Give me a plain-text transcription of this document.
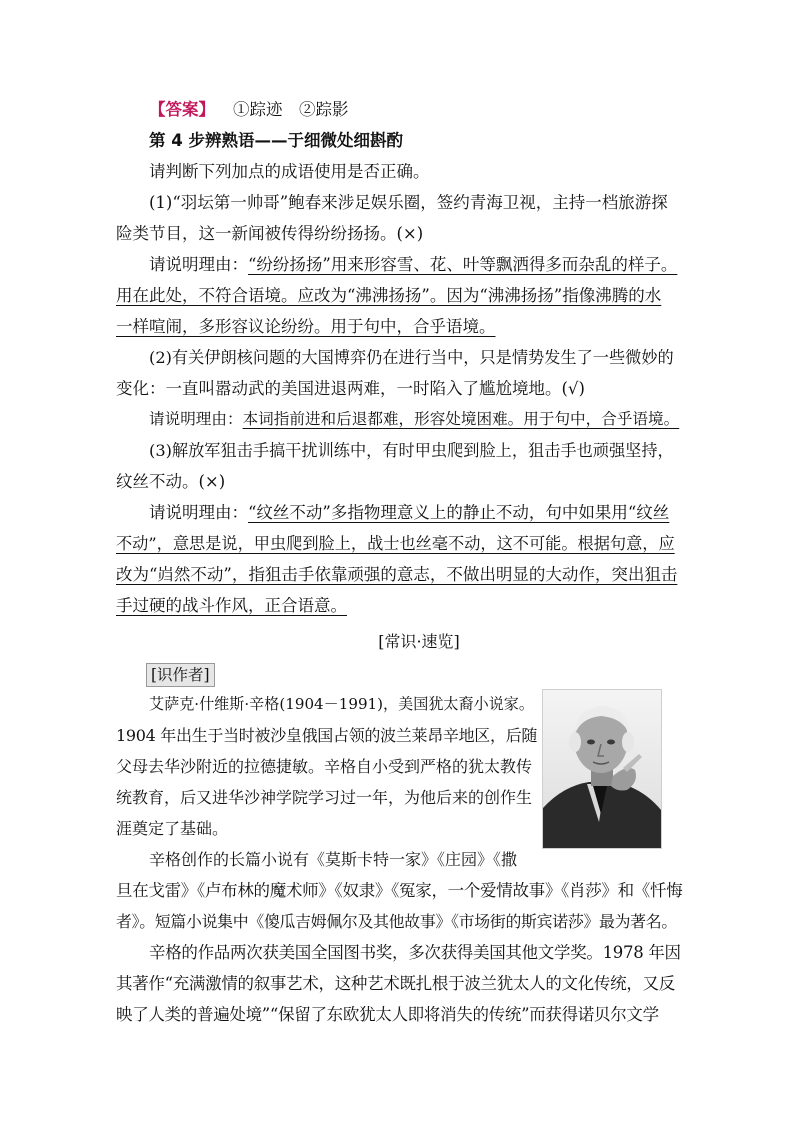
【答案】 ①踪迹　②踪影
第 4 步辨熟语——于细微处细斟酌
请判断下列加点的成语使用是否正确。
(1)“羽坛第一帅哥”鲍春来涉足娱乐圈，签约青海卫视，主持一档旅游探
险类节目，这一新闻被传得纷纷扬扬。(×)
请说明理由：“纷纷扬扬”用来形容雪、花、叶等飘洒得多而杂乱的样子。
用在此处，不符合语境。应改为“沸沸扬扬”。因为“沸沸扬扬”指像沸腾的水
一样喧闹，多形容议论纷纷。用于句中，合乎语境。
(2)有关伊朗核问题的大国博弈仍在进行当中，只是情势发生了一些微妙的
变化：一直叫嚣动武的美国进退两难，一时陷入了尴尬境地。(√)
请说明理由：本词指前进和后退都难，形容处境困难。用于句中，合乎语境。
(3)解放军狙击手搞干扰训练中，有时甲虫爬到脸上，狙击手也顽强坚持，
纹丝不动。(×)
请说明理由：“纹丝不动”多指物理意义上的静止不动，句中如果用“纹丝
不动”，意思是说，甲虫爬到脸上，战士也丝毫不动，这不可能。根据句意，应
改为“岿然不动”，指狙击手依靠顽强的意志，不做出明显的大动作，突出狙击
手过硬的战斗作风，正合语意。
[常识·速览]
[识作者]
艾萨克·什维斯·辛格(1904－1991)，美国犹太裔小说家。
1904 年出生于当时被沙皇俄国占领的波兰莱昂辛地区，后随
父母去华沙附近的拉德捷敏。辛格自小受到严格的犹太教传
统教育，后又进华沙神学院学习过一年，为他后来的创作生
涯奠定了基础。
辛格创作的长篇小说有《莫斯卡特一家》《庄园》《撒
旦在戈雷》《卢布林的魔术师》《奴隶》《冤家，一个爱情故事》《肖莎》和《忏悔
者》。短篇小说集中《傻瓜吉姆佩尔及其他故事》《市场街的斯宾诺莎》最为著名。
辛格的作品两次获美国全国图书奖，多次获得美国其他文学奖。1978 年因
其著作“充满激情的叙事艺术，这种艺术既扎根于波兰犹太人的文化传统，又反
映了人类的普遍处境”“保留了东欧犹太人即将消失的传统”而获得诺贝尔文学
